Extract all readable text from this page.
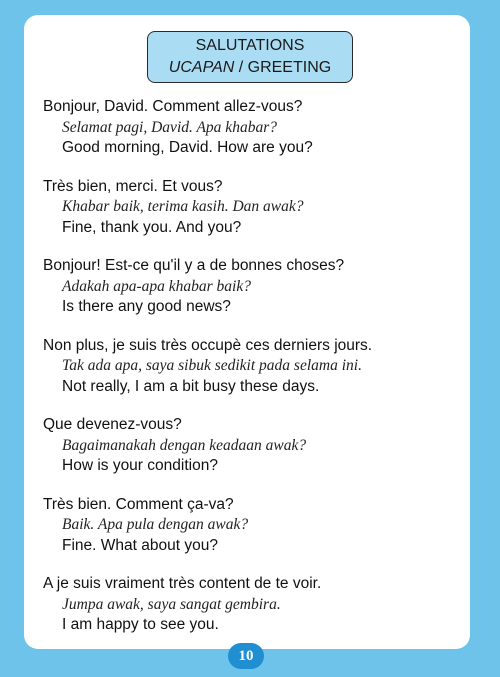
SALUTATIONS
UCAPAN / GREETING
Bonjour, David. Comment allez-vous?
Selamat pagi, David. Apa khabar?
Good morning, David. How are you?
Très bien, merci. Et vous?
Khabar baik, terima kasih. Dan awak?
Fine, thank you. And you?
Bonjour! Est-ce qu'il y a de bonnes choses?
Adakah apa-apa khabar baik?
Is there any good news?
Non plus, je suis très occupè ces derniers jours.
Tak ada apa, saya sibuk sedikit pada selama ini.
Not really, I am a bit busy these days.
Que devenez-vous?
Bagaimanakah dengan keadaan awak?
How is your condition?
Très bien. Comment ça-va?
Baik. Apa pula dengan awak?
Fine. What about you?
A je suis vraiment très content de te voir.
Jumpa awak, saya sangat gembira.
I am happy to see you.
10
